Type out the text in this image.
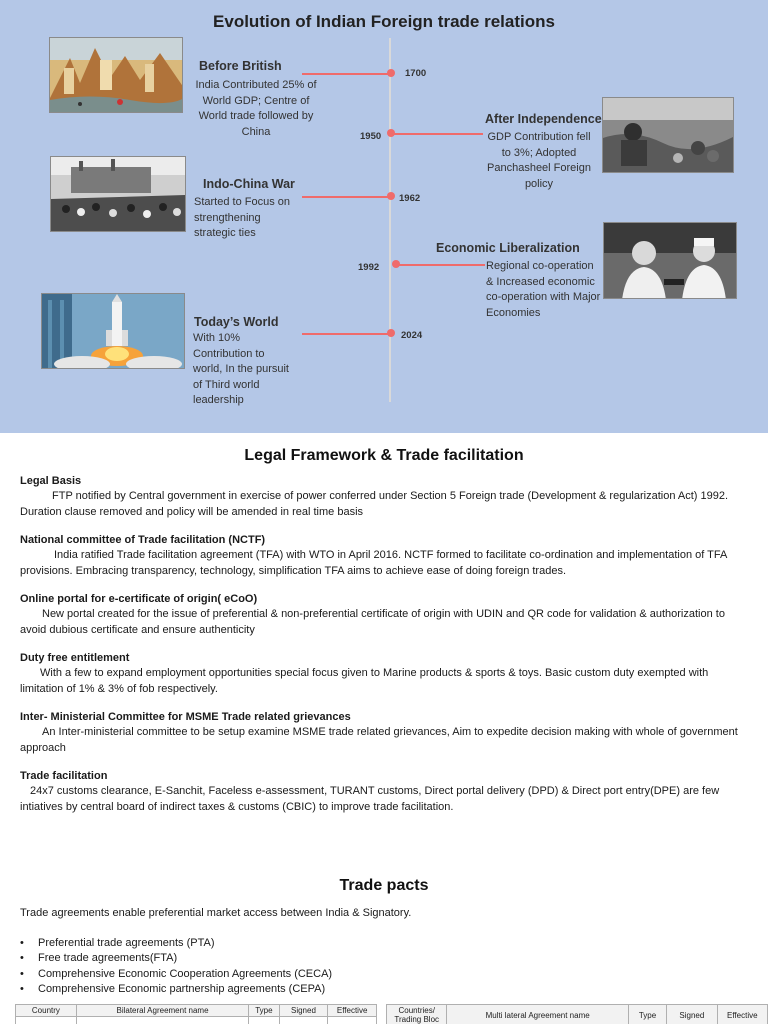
Evolution of Indian Foreign trade relations
Before British
India Contributed 25% of World GDP; Centre of World trade followed by China
1700
After Independence
GDP Contribution fell to 3%; Adopted Panchasheel Foreign policy
1950
Indo-China War
Started to Focus on strengthening strategic ties
1962
Economic Liberalization
Regional co-operation & Increased economic co-operation with Major Economies
1992
Today’s World
With 10% Contribution to world, In the pursuit of Third world leadership
2024
Legal Framework & Trade facilitation
Legal Basis
FTP notified by Central government in exercise of power conferred under Section 5 Foreign trade (Development & regularization Act) 1992. Duration clause removed and policy will be amended in real time basis
National committee of Trade facilitation (NCTF)
India ratified Trade facilitation agreement (TFA) with WTO in April 2016. NCTF formed to facilitate co-ordination and implementation of TFA provisions. Embracing transparency, technology, simplification TFA aims to achieve ease of doing foreign trades.
Online portal for e-certificate of origin( eCoO)
New portal created for the issue of preferential & non-preferential certificate of origin with UDIN and QR code for validation & authorization to avoid dubious certificate and ensure authenticity
Duty free entitlement
With a few to expand employment opportunities special focus given to Marine products & sports & toys. Basic custom duty exempted with limitation of 1% & 3% of fob respectively.
Inter- Ministerial Committee for MSME Trade related grievances
An Inter-ministerial committee to be setup examine MSME trade related grievances, Aim to expedite decision making with whole of government approach
Trade facilitation
24x7 customs clearance, E-Sanchit, Faceless e-assessment, TURANT customs, Direct portal delivery (DPD) & Direct port entry(DPE) are few intiatives by central board of indirect taxes & customs (CBIC) to improve trade facilitation.
Trade pacts
Trade agreements enable preferential market access between India & Signatory.
• Preferential trade agreements (PTA)
• Free trade agreements(FTA)
• Comprehensive Economic Cooperation Agreements (CECA)
• Comprehensive Economic partnership agreements (CEPA)
Country	Bilateral Agreement name	Type	Signed	Effective
					Countries/ Trading Bloc	Multi lateral Agreement name	Type	Signed	Effective
